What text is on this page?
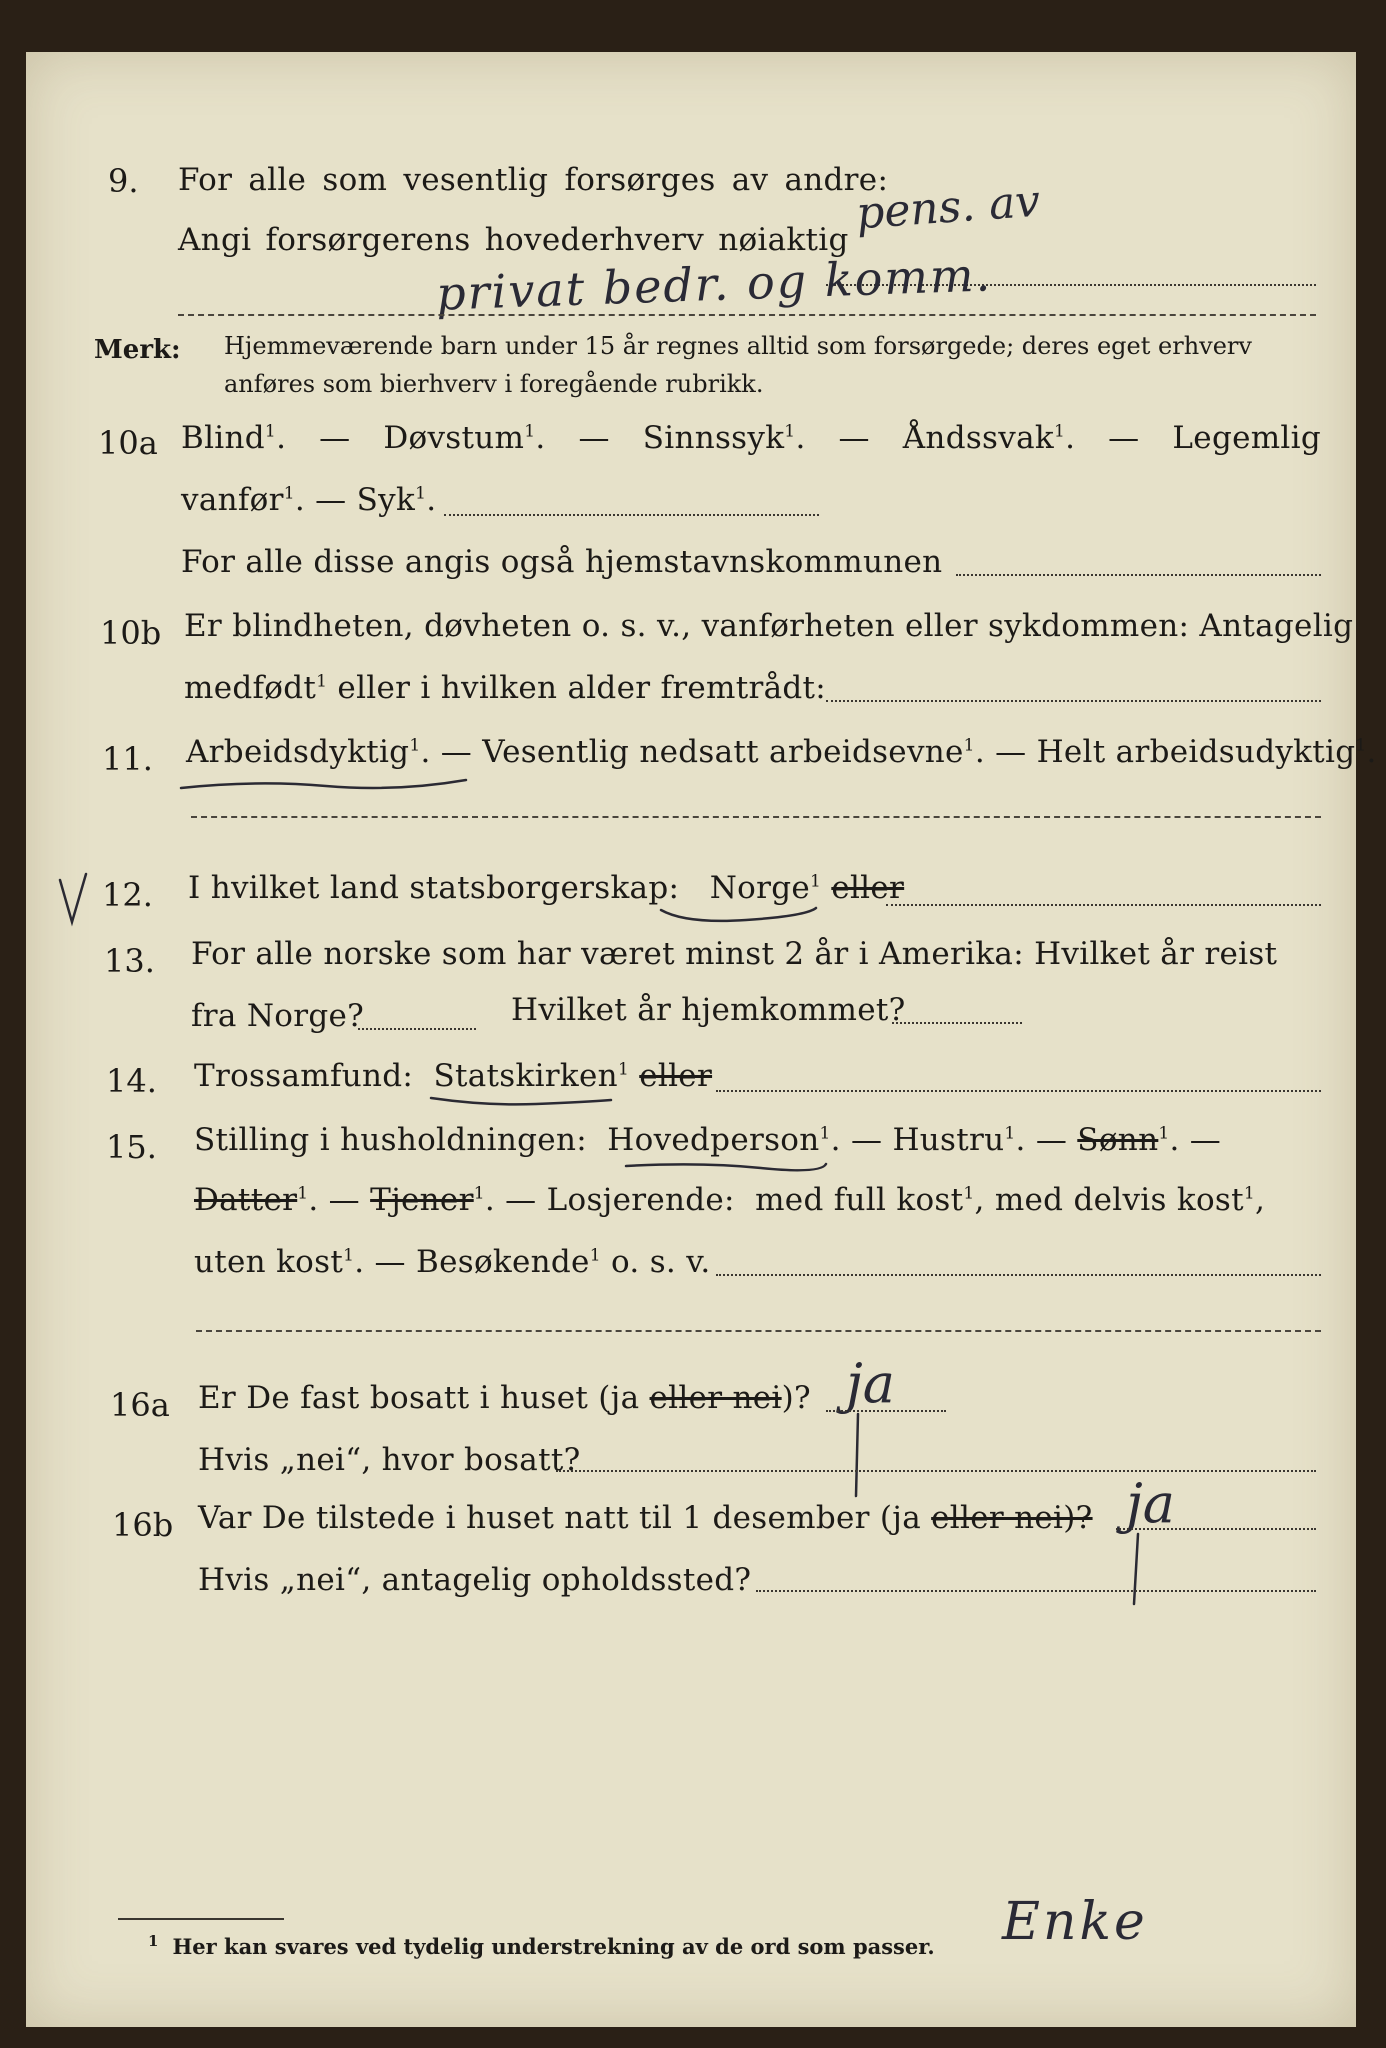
9. For alle som vesentlig forsørges av andre:
Angi forsørgerens hovederhverv nøiaktig
pens. av
privat bedr. og komm.
Merk: Hjemmeværende barn under 15 år regnes alltid som forsørgede; deres eget erhverv
anføres som bierhverv i foregående rubrikk.
10a Blind$^1$. — Døvstum$^1$. — Sinnssyk$^1$. — Åndssvak$^1$. — Legemlig
vanfør$^1$. — Syk$^1$.
For alle disse angis også hjemstavnskommunen
10b Er blindheten, døvheten o. s. v., vanførheten eller sykdommen: Antagelig
medfødt$^1$ eller i hvilken alder fremtrådt:
11. Arbeidsdyktig$^1$. — Vesentlig nedsatt arbeidsevne$^1$. — Helt arbeidsudyktig$^1$.
12. I hvilket land statsborgerskap: Norge$^1$ eller
13. For alle norske som har været minst 2 år i Amerika: Hvilket år reist
fra Norge?	Hvilket år hjemkommet?
14. Trossamfund: Statskirken$^1$ eller
15. Stilling i husholdningen: Hovedperson$^1$. — Hustru$^1$. — Sønn$^1$. —
Datter$^1$. — Tjener$^1$. — Losjerende: med full kost$^1$, med delvis kost$^1$,
uten kost$^1$. — Besøkende$^1$ o. s. v.
16a Er De fast bosatt i huset (ja eller nei)? ja
Hvis „nei“, hvor bosatt?
16b Var De tilstede i huset natt til 1 desember (ja eller nei)? ja
Hvis „nei“, antagelig opholdssted?
$^1$ Her kan svares ved tydelig understrekning av de ord som passer. Enke
